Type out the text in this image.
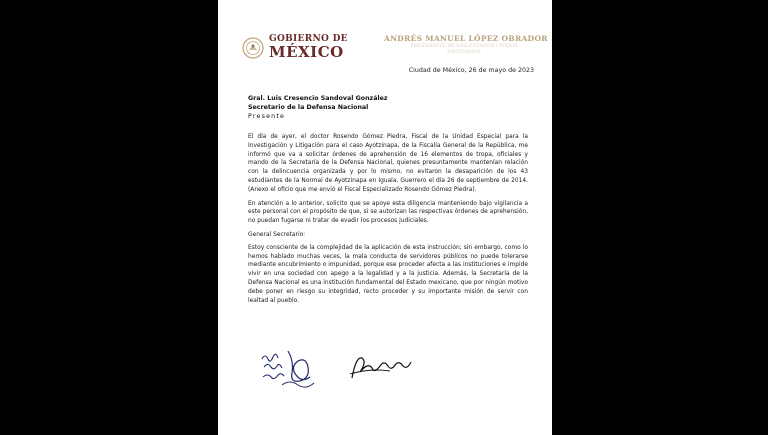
GOBIERNO DE
MÉXICO
ANDRÉS MANUEL LÓPEZ OBRADOR
PRESIDENTE DE LOS ESTADOS UNIDOS
MEXICANOS
Ciudad de México, 26 de mayo de 2023
Gral. Luis Cresencio Sandoval González
Secretario de la Defensa Nacional
Presente

El día de ayer, el doctor Rosendo Gómez Piedra, Fiscal de la Unidad Especial para la Investigación y Litigación para el caso Ayotzinapa, de la Fiscalía General de la República, me informó que va a solicitar órdenes de aprehensión de 16 elementos de tropa, oficiales y mando de la Secretaría de la Defensa Nacional, quienes presuntamente mantenían relación con la delincuencia organizada y por lo mismo, no evitaron la desaparición de los 43 estudiantes de la Normal de Ayotzinapa en Iguala, Guerrero el día 26 de septiembre de 2014. (Anexo el oficio que me envió el Fiscal Especializado Rosendo Gómez Piedra).

En atención a lo anterior, solicito que se apoye esta diligencia manteniendo bajo vigilancia a este personal con el propósito de que, si se autorizan las respectivas órdenes de aprehensión, no puedan fugarse ni tratar de evadir los procesos judiciales.

General Secretario:

Estoy consciente de la complejidad de la aplicación de esta instrucción; sin embargo, como lo hemos hablado muchas veces, la mala conducta de servidores públicos no puede tolerarse mediante encubrimiento o impunidad, porque ese proceder afecta a las instituciones e impide vivir en una sociedad con apego a la legalidad y a la justicia. Además, la Secretaría de la Defensa Nacional es una institución fundamental del Estado mexicano, que por ningún motivo debe poner en riesgo su integridad, recto proceder y su importante misión de servir con lealtad al pueblo.
